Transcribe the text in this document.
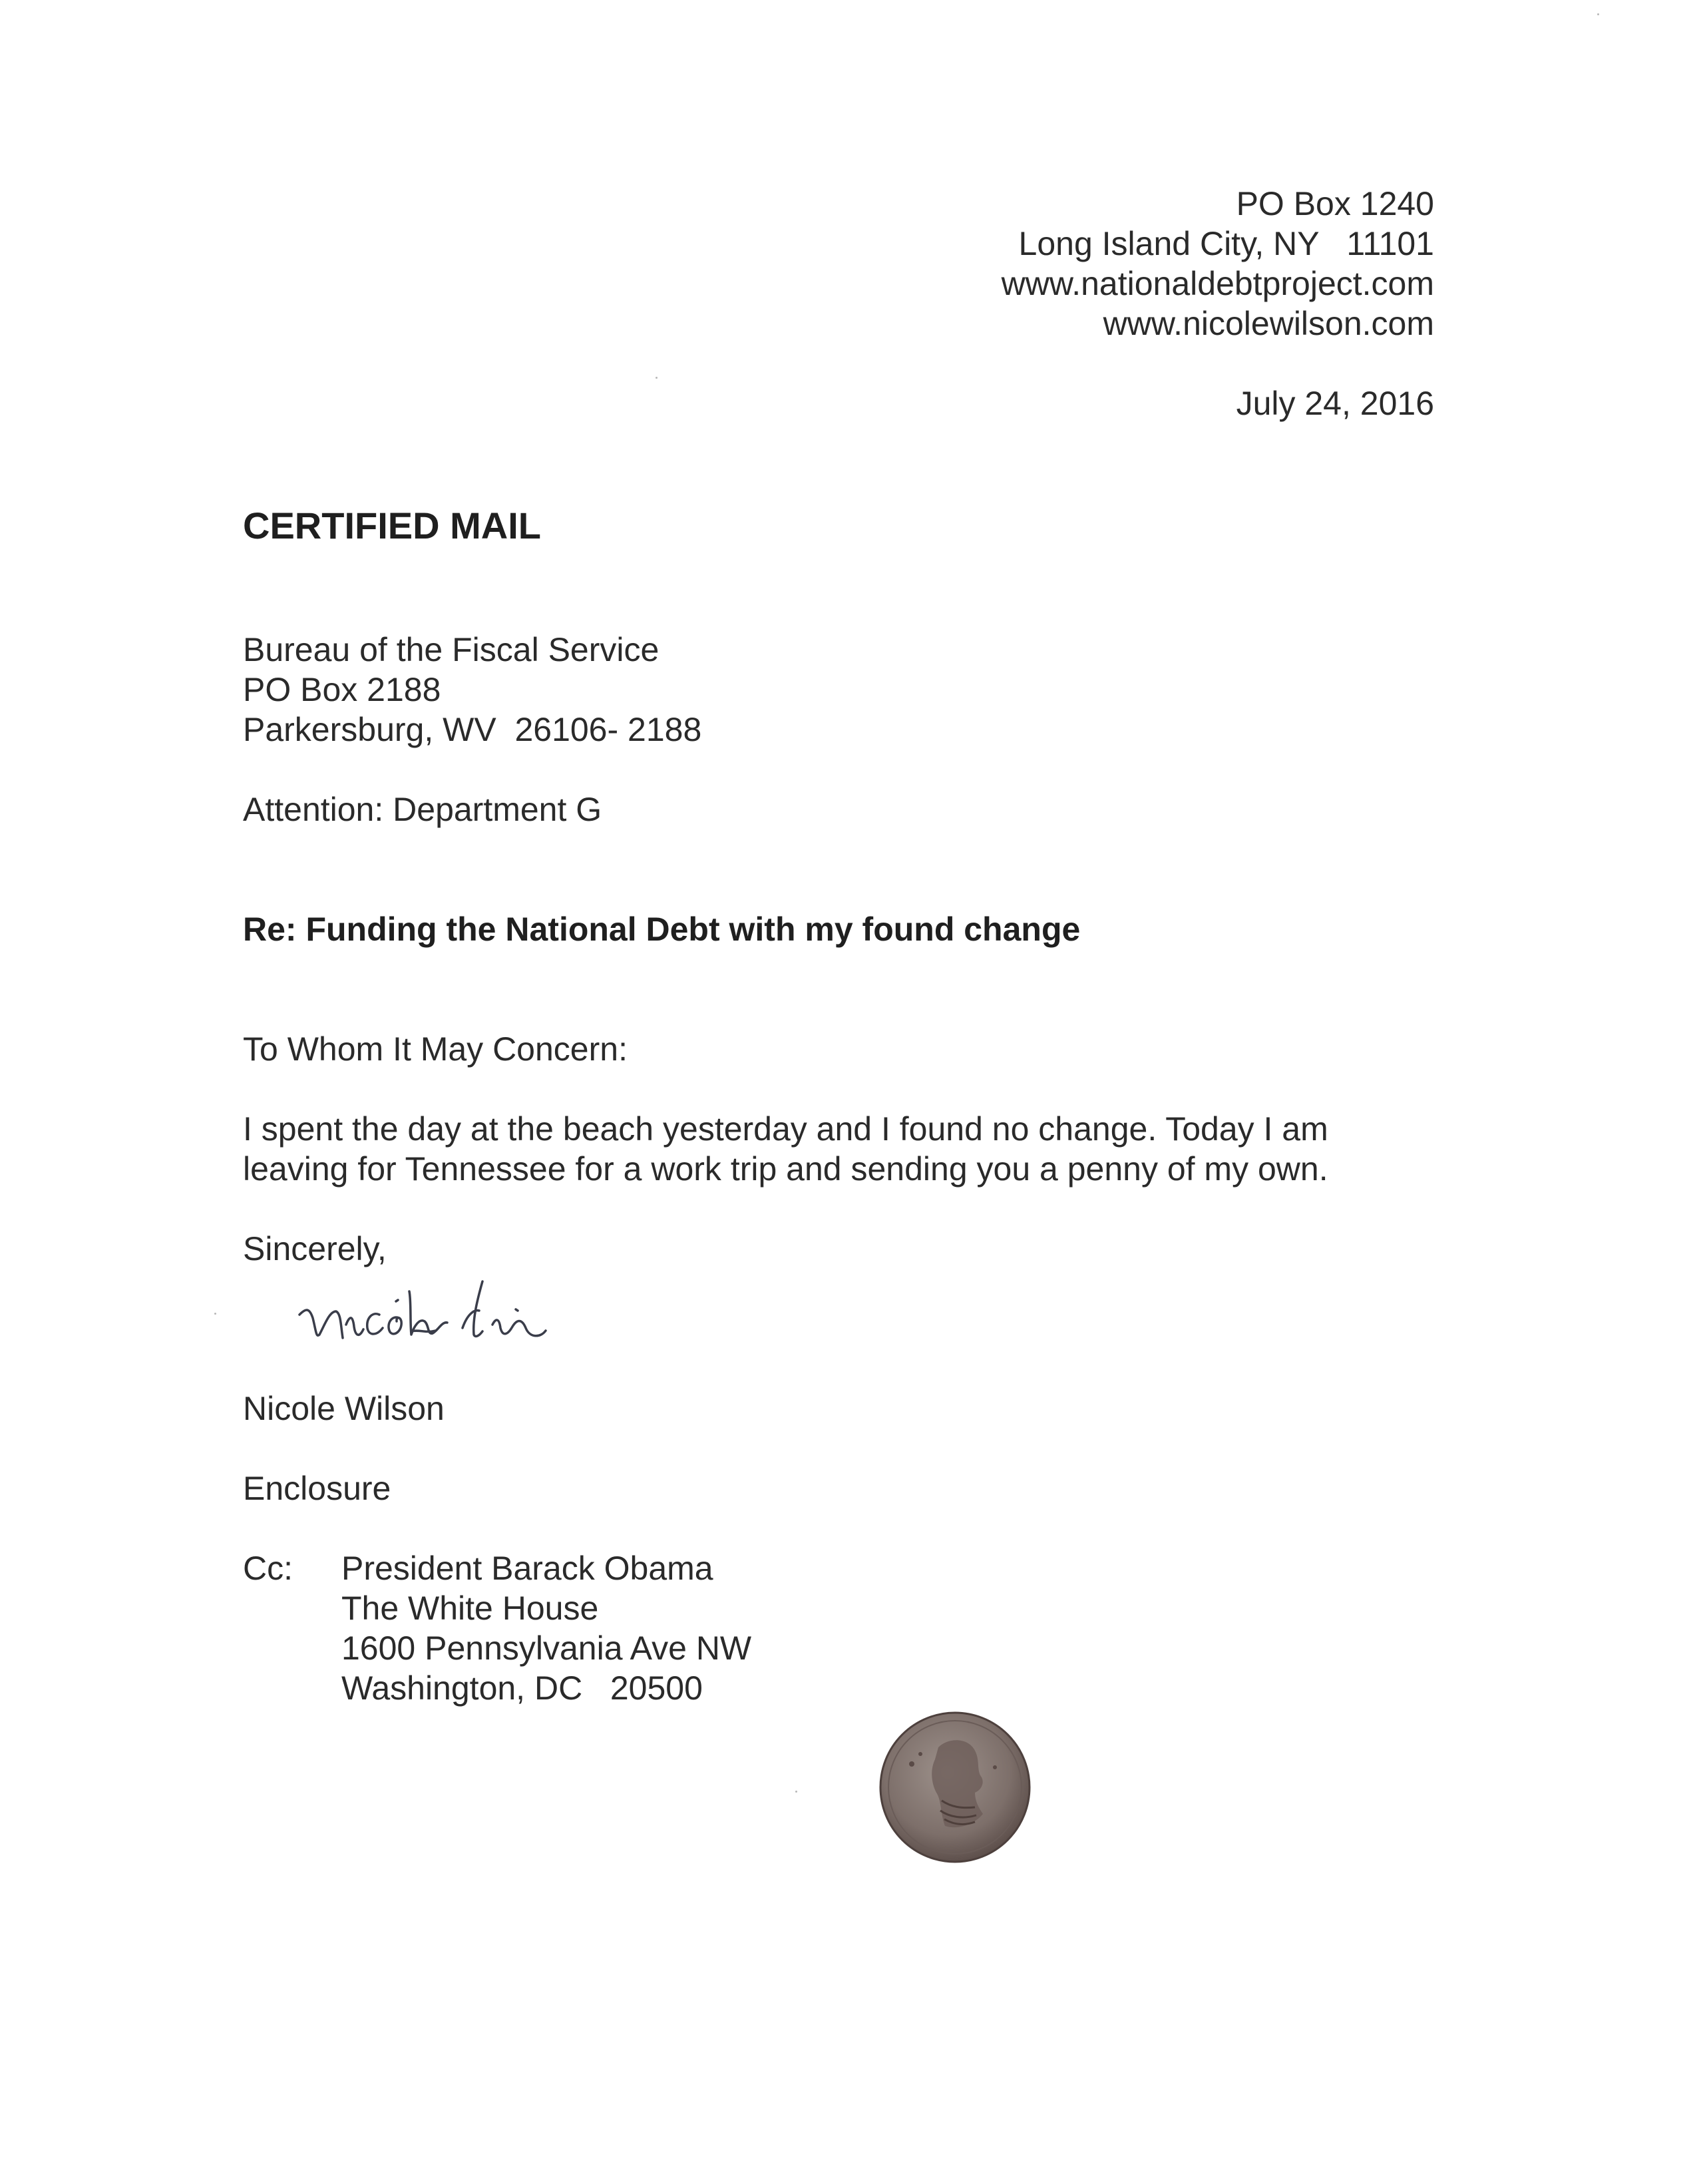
PO Box 1240
Long Island City, NY   11101
www.nationaldebtproject.com
www.nicolewilson.com
July 24, 2016
CERTIFIED MAIL
Bureau of the Fiscal Service
PO Box 2188
Parkersburg, WV  26106- 2188
Attention: Department G
Re: Funding the National Debt with my found change
To Whom It May Concern:
I spent the day at the beach yesterday and I found no change. Today I am
leaving for Tennessee for a work trip and sending you a penny of my own.
Sincerely,
Nicole Wilson
Enclosure
Cc: President Barack Obama
The White House
1600 Pennsylvania Ave NW
Washington, DC   20500
